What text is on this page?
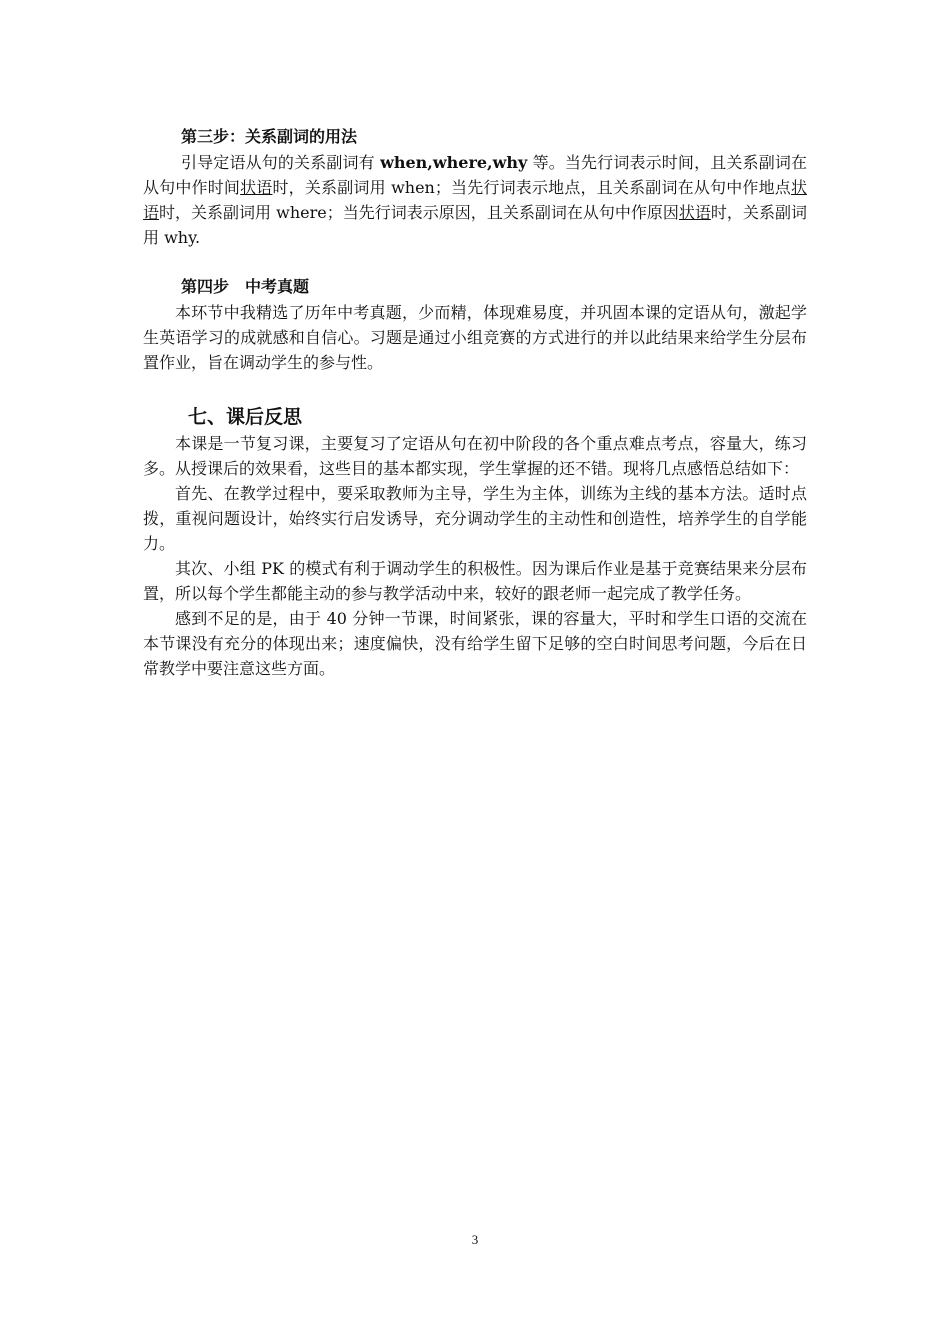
第三步：关系副词的用法

引导定语从句的关系副词有 when,where,why 等。当先行词表示时间，且关系副词在从句中作时间状语时，关系副词用 when；当先行词表示地点，且关系副词在从句中作地点状语时，关系副词用 where；当先行词表示原因，且关系副词在从句中作原因状语时，关系副词用 why.

第四步　中考真题

本环节中我精选了历年中考真题，少而精，体现难易度，并巩固本课的定语从句，激起学生英语学习的成就感和自信心。习题是通过小组竞赛的方式进行的并以此结果来给学生分层布置作业，旨在调动学生的参与性。

七、课后反思

本课是一节复习课，主要复习了定语从句在初中阶段的各个重点难点考点，容量大，练习多。从授课后的效果看，这些目的基本都实现，学生掌握的还不错。现将几点感悟总结如下：

首先、在教学过程中，要采取教师为主导，学生为主体，训练为主线的基本方法。适时点拨，重视问题设计，始终实行启发诱导，充分调动学生的主动性和创造性，培养学生的自学能力。

其次、小组 PK 的模式有利于调动学生的积极性。因为课后作业是基于竞赛结果来分层布置，所以每个学生都能主动的参与教学活动中来，较好的跟老师一起完成了教学任务。

感到不足的是，由于 40 分钟一节课，时间紧张，课的容量大，平时和学生口语的交流在本节课没有充分的体现出来；速度偏快，没有给学生留下足够的空白时间思考问题，今后在日常教学中要注意这些方面。

3
